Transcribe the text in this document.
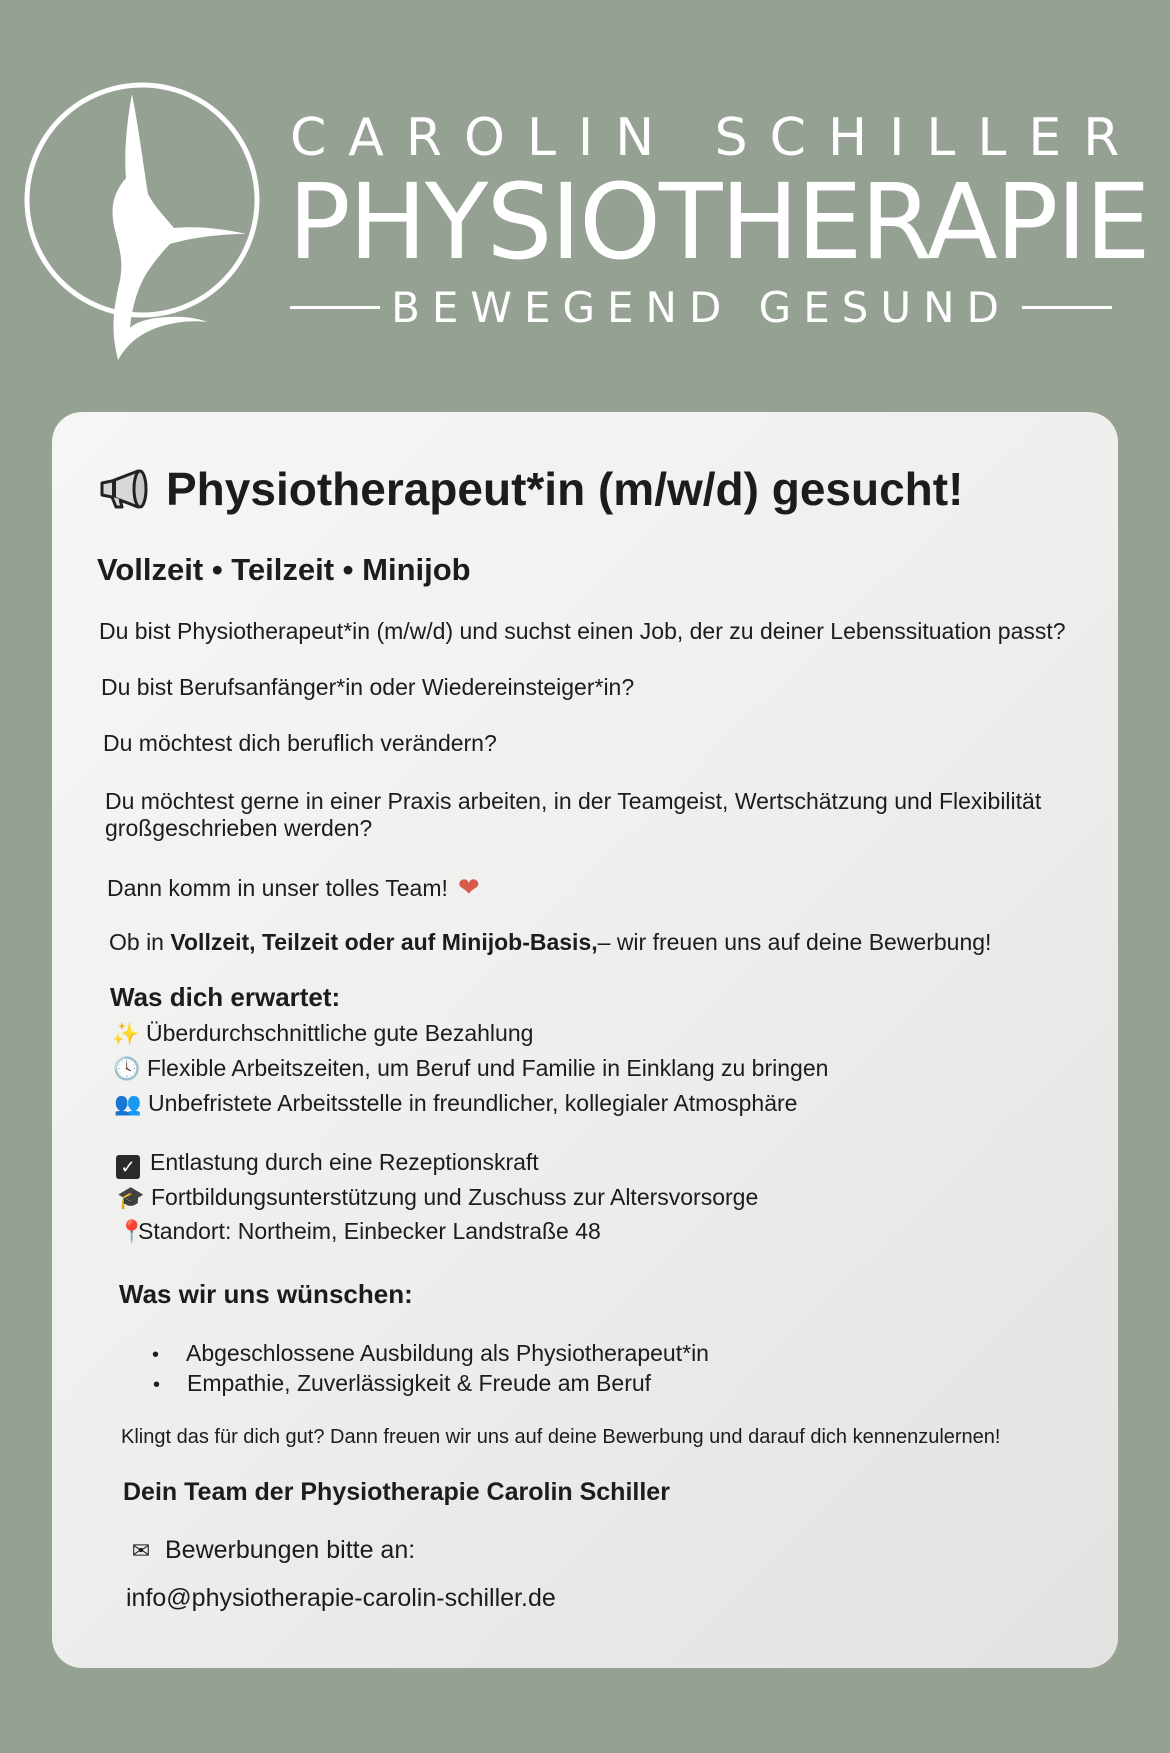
CAROLIN SCHILLER
PHYSIOTHERAPIE
BEWEGEND GESUND
Physiotherapeut*in (m/w/d) gesucht!
Vollzeit • Teilzeit • Minijob
Du bist Physiotherapeut*in (m/w/d) und suchst einen Job, der zu deiner Lebenssituation passt?
Du bist Berufsanfänger*in oder Wiedereinsteiger*in?
Du möchtest dich beruflich verändern?
Du möchtest gerne in einer Praxis arbeiten, in der Teamgeist, Wertschätzung und Flexibilität
großgeschrieben werden?
Dann komm in unser tolles Team! ❤
Ob in Vollzeit, Teilzeit oder auf Minijob-Basis,– wir freuen uns auf deine Bewerbung!
Was dich erwartet:
✨ Überdurchschnittliche gute Bezahlung
🕓 Flexible Arbeitszeiten, um Beruf und Familie in Einklang zu bringen
👥 Unbefristete Arbeitsstelle in freundlicher, kollegialer Atmosphäre
✓ Entlastung durch eine Rezeptionskraft
🎓 Fortbildungsunterstützung und Zuschuss zur Altersvorsorge
📍Standort: Northeim, Einbecker Landstraße 48
Was wir uns wünschen:
• Abgeschlossene Ausbildung als Physiotherapeut*in
• Empathie, Zuverlässigkeit & Freude am Beruf
Klingt das für dich gut? Dann freuen wir uns auf deine Bewerbung und darauf dich kennenzulernen!
Dein Team der Physiotherapie Carolin Schiller
✉ Bewerbungen bitte an:
info@physiotherapie-carolin-schiller.de
